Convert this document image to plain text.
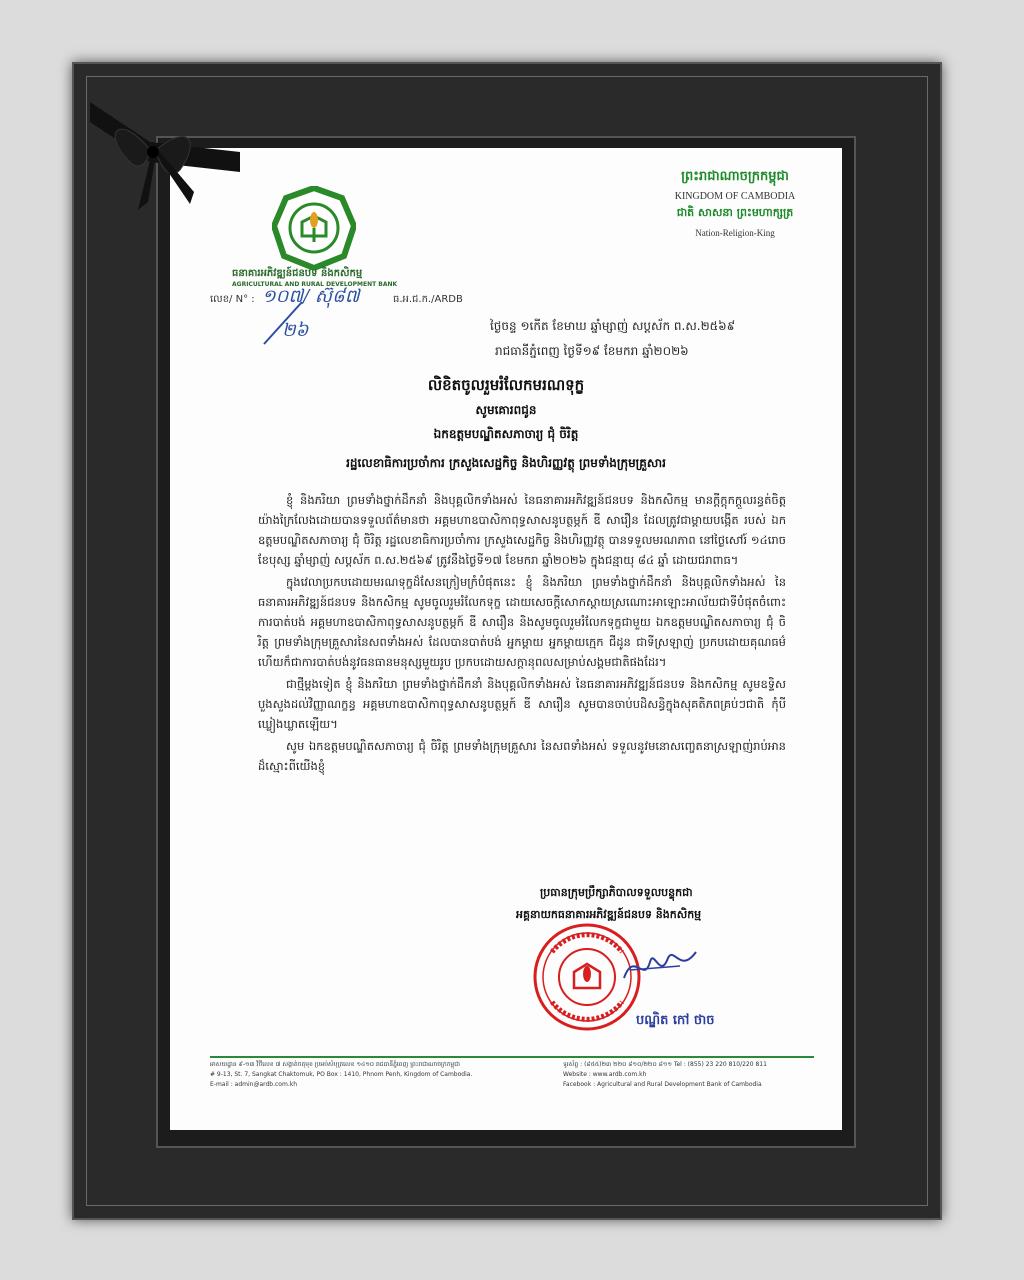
ធនាគារអភិវឌ្ឍន៍ជនបទ និងកសិកម្ម
AGRICULTURAL AND RURAL DEVELOPMENT BANK
លេខ/ N° :	ធ.អ.ជ.ក./ARDB
១០៧/ ស៊ុ៨៧
២៦
ព្រះរាជាណាចក្រកម្ពុជា
KINGDOM OF CAMBODIA
ជាតិ សាសនា ព្រះមហាក្សត្រ
Nation-Religion-King
ថ្ងៃចន្ទ ១កើត ខែមាឃ ឆ្នាំម្សាញ់ សប្តស័ក ព.ស.២៥៦៩
រាជធានីភ្នំពេញ ថ្ងៃទី១៩ ខែមករា ឆ្នាំ២០២៦
លិខិតចូលរួមរំលែកមរណទុក្ខ
សូមគោរពជូន
ឯកឧត្តមបណ្ឌិតសភាចារ្យ ជុំ ចិរិត្ត
រដ្ឋលេខាធិការប្រចាំការ ក្រសួងសេដ្ឋកិច្ច និងហិរញ្ញវត្ថុ ព្រមទាំងក្រុមគ្រួសារ

ខ្ញុំ និងភរិយា ព្រមទាំងថ្នាក់ដឹកនាំ និងបុគ្គលិកទាំងអស់ នៃធនាគារអភិវឌ្ឍន៍ជនបទ និងកសិកម្ម មានក្តីក្តុកក្តួលរន្ធត់ចិត្តយ៉ាងក្រៃលែងដោយបានទទួលព័ត៌មានថា អគ្គមហាឧបាសិកាពុទ្ធសាសនូបត្ថម្ភក៍ ឌី សារឿន ដែលត្រូវជាម្តាយបង្កើត របស់ ឯកឧត្តមបណ្ឌិតសភាចារ្យ ជុំ ចិរិត្ត រដ្ឋលេខាធិការប្រចាំការ ក្រសួងសេដ្ឋកិច្ច និងហិរញ្ញវត្ថុ បានទទួលមរណភាព នៅថ្ងៃសៅរ៍ ១៤រោច ខែបុស្ស ឆ្នាំម្សាញ់ សប្តស័ក ព.ស.២៥៦៩ ត្រូវនឹងថ្ងៃទី១៧ ខែមករា ឆ្នាំ២០២៦ ក្នុងជន្មាយុ ៨៤ ឆ្នាំ ដោយជរាពាធ។

ក្នុងវេលាប្រកបដោយមរណទុក្ខដ៏សែនក្រៀមក្រំបំផុតនេះ ខ្ញុំ និងភរិយា ព្រមទាំងថ្នាក់ដឹកនាំ និងបុគ្គលិកទាំងអស់ នៃធនាគារអភិវឌ្ឍន៍ជនបទ និងកសិកម្ម សូមចូលរួមរំលែកទុក្ខ ដោយសេចក្តីសោកស្តាយស្រណោះអាឡោះអាល័យជាទីបំផុតចំពោះការបាត់បង់ អគ្គមហាឧបាសិកាពុទ្ធសាសនូបត្ថម្ភក៍ ឌី សារឿន និងសូមចូលរួមរំលែកទុក្ខជាមួយ ឯកឧត្តមបណ្ឌិតសភាចារ្យ ជុំ ចិរិត្ត ព្រមទាំងក្រុមគ្រួសារនៃសពទាំងអស់ ដែលបានបាត់បង់ អ្នកម្តាយ អ្នកម្តាយក្មេក ជីដូន ជាទីស្រឡាញ់ ប្រកបដោយគុណធម៌ ហើយក៏ជាការបាត់បង់នូវធនធានមនុស្សមួយរូប ប្រកបដោយសក្តានុពលសម្រាប់សង្គមជាតិផងដែរ។

ជាថ្មីម្តងទៀត ខ្ញុំ និងភរិយា ព្រមទាំងថ្នាក់ដឹកនាំ និងបុគ្គលិកទាំងអស់ នៃធនាគារអភិវឌ្ឍន៍ជនបទ និងកសិកម្ម សូមឧទ្ទិសបួងសួងដល់វិញ្ញាណក្ខន្ធ អគ្គមហាឧបាសិកាពុទ្ធសាសនូបត្ថម្ភក៍ ឌី សារឿន សូមបានចាប់បដិសន្ធិក្នុងសុគតិភពគ្រប់ៗជាតិ កុំបីឃ្លៀងឃ្លាតឡើយ។

សូម ឯកឧត្តមបណ្ឌិតសភាចារ្យ ជុំ ចិរិត្ត ព្រមទាំងក្រុមគ្រួសារ នៃសពទាំងអស់ ទទួលនូវមនោសញ្ចេតនាស្រឡាញ់រាប់អានដ៏ស្មោះពីយើងខ្ញុំ

ប្រធានក្រុមប្រឹក្សាភិបាលទទួលបន្ទុកជា
អគ្គនាយកធនាគារអភិវឌ្ឍន៍ជនបទ និងកសិកម្ម
បណ្ឌិត កៅ ថាច
អាសយដ្ឋាន ៩-១៣ វិថីលេខ ៧ សង្កាត់ចតុមុខ ប្រអប់សំបុត្រលេខ ១៤១០ រាជធានីភ្នំពេញ ព្រះរាជាណាចក្រកម្ពុជា
# 9-13, St. 7, Sangkat Chaktomuk, PO Box : 1410, Phnom Penh, Kingdom of Cambodia.
E-mail : admin@ardb.com.kh
ទូរស័ព្ទ : (៨៥៥)២៣ ២២០ ៨១០/២២០ ៨១១ Tel : (855) 23 220 810/220 811
Website : www.ardb.com.kh
Facebook : Agricultural and Rural Development Bank of Cambodia
